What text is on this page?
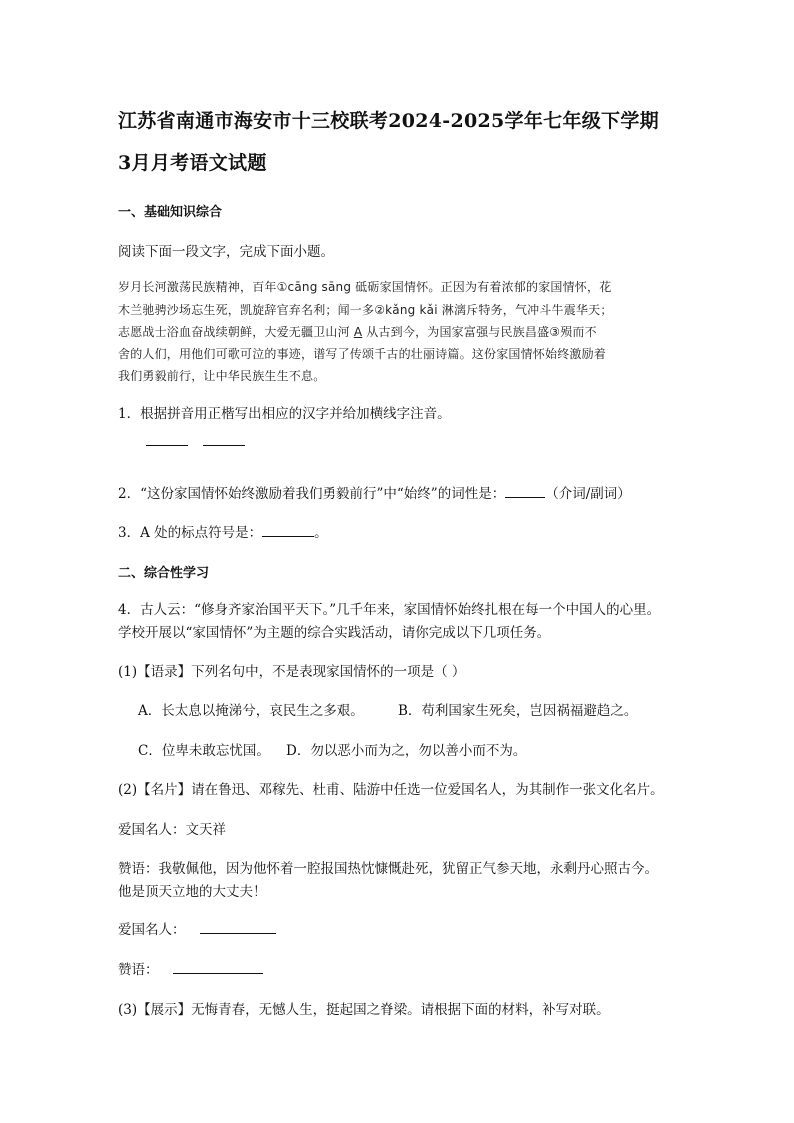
江苏省南通市海安市十三校联考2024-2025学年七年级下学期
3月月考语文试题
一、基础知识综合
阅读下面一段文字，完成下面小题。
岁月长河激荡民族精神，百年①cāng sāng 砥砺家国情怀。正因为有着浓郁的家国情怀，花
木兰驰骋沙场忘生死，凯旋辞官弃名利；闻一多②kǎng kǎi 淋漓斥特务，气冲斗牛震华天；
志愿战士浴血奋战续朝鲜，大爱无疆卫山河 A 从古到今，为国家富强与民族昌盛③殒而不
舍的人们，用他们可歌可泣的事迹，谱写了传颂千古的壮丽诗篇。这份家国情怀始终激励着
我们勇毅前行，让中华民族生生不息。
1．根据拼音用正楷写出相应的汉字并给加横线字注音。
2．“这份家国情怀始终激励着我们勇毅前行”中“始终”的词性是：	（介词/副词）
3．A 处的标点符号是：	。
二、综合性学习
4．古人云：“修身齐家治国平天下。”几千年来，家国情怀始终扎根在每一个中国人的心里。
学校开展以“家国情怀”为主题的综合实践活动，请你完成以下几项任务。
(1)【语录】下列名句中，不是表现家国情怀的一项是（ ）
A．长太息以掩涕兮，哀民生之多艰。	B．苟利国家生死矣，岂因祸福避趋之。
C．位卑未敢忘忧国。 D．勿以恶小而为之，勿以善小而不为。
(2)【名片】请在鲁迅、邓稼先、杜甫、陆游中任选一位爱国名人，为其制作一张文化名片。
爱国名人：文天祥
赞语：我敬佩他，因为他怀着一腔报国热忱慷慨赴死，犹留正气参天地，永剩丹心照古今。
他是顶天立地的大丈夫！
爱国名人：
赞语：
(3)【展示】无悔青春，无憾人生，挺起国之脊梁。请根据下面的材料，补写对联。
